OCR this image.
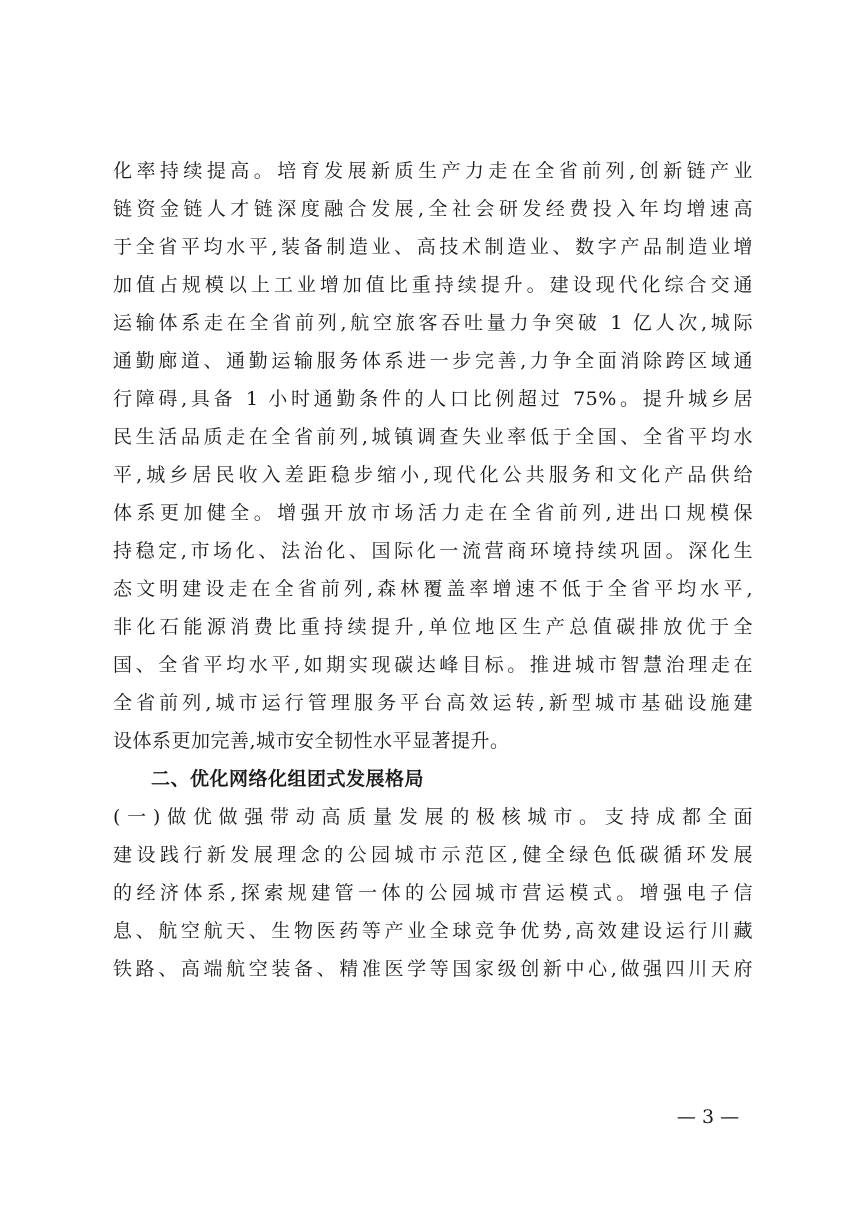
化率持续提高。培育发展新质生产力走在全省前列,创新链产业
链资金链人才链深度融合发展,全社会研发经费投入年均增速高
于全省平均水平,装备制造业、高技术制造业、数字产品制造业增
加值占规模以上工业增加值比重持续提升。建设现代化综合交通
运输体系走在全省前列,航空旅客吞吐量力争突破 1 亿人次,城际
通勤廊道、通勤运输服务体系进一步完善,力争全面消除跨区域通
行障碍,具备 1 小时通勤条件的人口比例超过 75%。提升城乡居
民生活品质走在全省前列,城镇调查失业率低于全国、全省平均水
平,城乡居民收入差距稳步缩小,现代化公共服务和文化产品供给
体系更加健全。增强开放市场活力走在全省前列,进出口规模保
持稳定,市场化、法治化、国际化一流营商环境持续巩固。深化生
态文明建设走在全省前列,森林覆盖率增速不低于全省平均水平,
非化石能源消费比重持续提升,单位地区生产总值碳排放优于全
国、全省平均水平,如期实现碳达峰目标。推进城市智慧治理走在
全省前列,城市运行管理服务平台高效运转,新型城市基础设施建
设体系更加完善,城市安全韧性水平显著提升。
二、优化网络化组团式发展格局
(一)做优做强带动高质量发展的极核城市。支持成都全面
建设践行新发展理念的公园城市示范区,健全绿色低碳循环发展
的经济体系,探索规建管一体的公园城市营运模式。增强电子信
息、航空航天、生物医药等产业全球竞争优势,高效建设运行川藏
铁路、高端航空装备、精准医学等国家级创新中心,做强四川天府
— 3 —
